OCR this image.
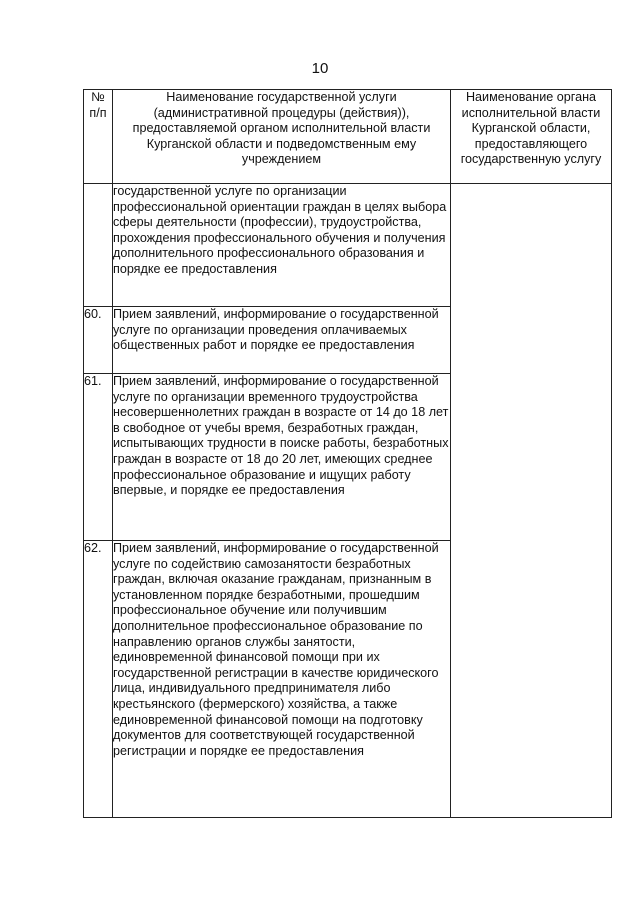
10
№
п/п	Наименование государственной услуги (административной процедуры (действия)), предоставляемой органом исполнительной власти Курганской области и подведомственным ему учреждением	Наименование органа исполнительной власти Курганской области, предоставляющего государственную услугу
	государственной услуге по организации профессиональной ориентации граждан в целях выбора сферы деятельности (профессии), трудоустройства, прохождения профессионального обучения и получения дополнительного профессионального образования и порядке ее предоставления	
60.	Прием заявлений, информирование о государственной услуге по организации проведения оплачиваемых общественных работ и порядке ее предоставления	
61.	Прием заявлений, информирование о государственной услуге по организации временного трудоустройства несовершеннолетних граждан в возрасте от 14 до 18 лет в свободное от учебы время, безработных граждан, испытывающих трудности в поиске работы, безработных граждан в возрасте от 18 до 20 лет, имеющих среднее профессиональное образование и ищущих работу впервые, и порядке ее предоставления	
62.	Прием заявлений, информирование о государственной услуге по содействию самозанятости безработных граждан, включая оказание гражданам, признанным в установленном порядке безработными, прошедшим профессиональное обучение или получившим дополнительное профессиональное образование по направлению органов службы занятости, единовременной финансовой помощи при их государственной регистрации в качестве юридического лица, индивидуального предпринимателя либо крестьянского (фермерского) хозяйства, а также единовременной финансовой помощи на подготовку документов для соответствующей государственной регистрации и порядке ее предоставления	
